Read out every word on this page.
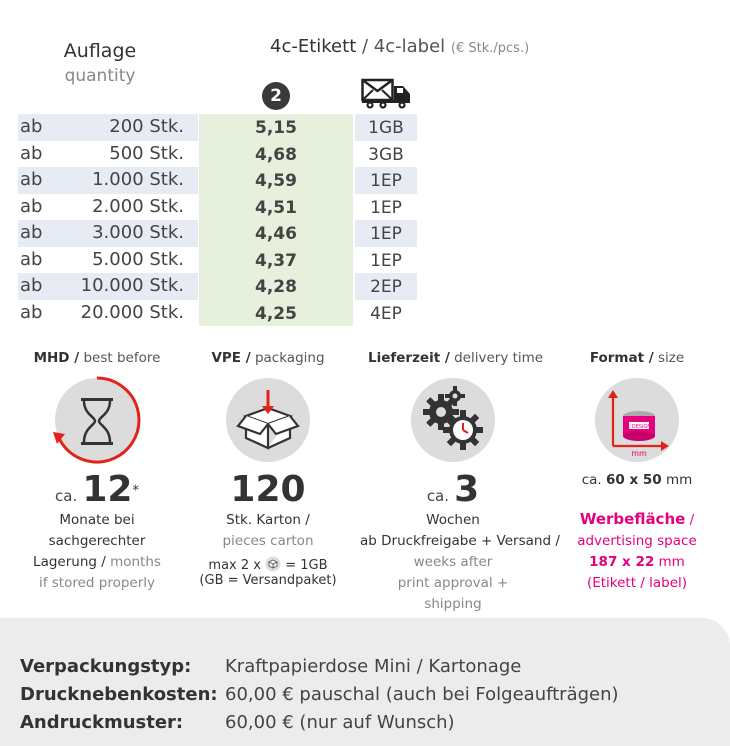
Auflage
quantity
4c-Etikett / 4c-label (€ Stk./pcs.)
2
ab	200 Stk.	5,15	1GB
ab	500 Stk.	4,68	3GB
ab	1.000 Stk.	4,59	1EP
ab	2.000 Stk.	4,51	1EP
ab	3.000 Stk.	4,46	1EP
ab	5.000 Stk.	4,37	1EP
ab	10.000 Stk.	4,28	2EP
ab	20.000 Stk.	4,25	4EP
MHD / best before
ca. 12*
Monate bei
sachgerechter
Lagerung / months
if stored properly
VPE / packaging
120
Stk. Karton /
pieces carton
max 2 x = 1GB
(GB = Versandpaket)
Lieferzeit / delivery time
ca. 3
Wochen
ab Druckfreigabe + Versand /
weeks after
print approval + shipping
Format / size
1 DESIGN
mm
ca. 60 x 50 mm
Werbefläche /
advertising space
187 x 22 mm
(Etikett / label)
Verpackungstyp: Kraftpapierdose Mini / Kartonage
Drucknebenkosten: 60,00 € pauschal (auch bei Folgeaufträgen)
Andruckmuster: 60,00 € (nur auf Wunsch)
